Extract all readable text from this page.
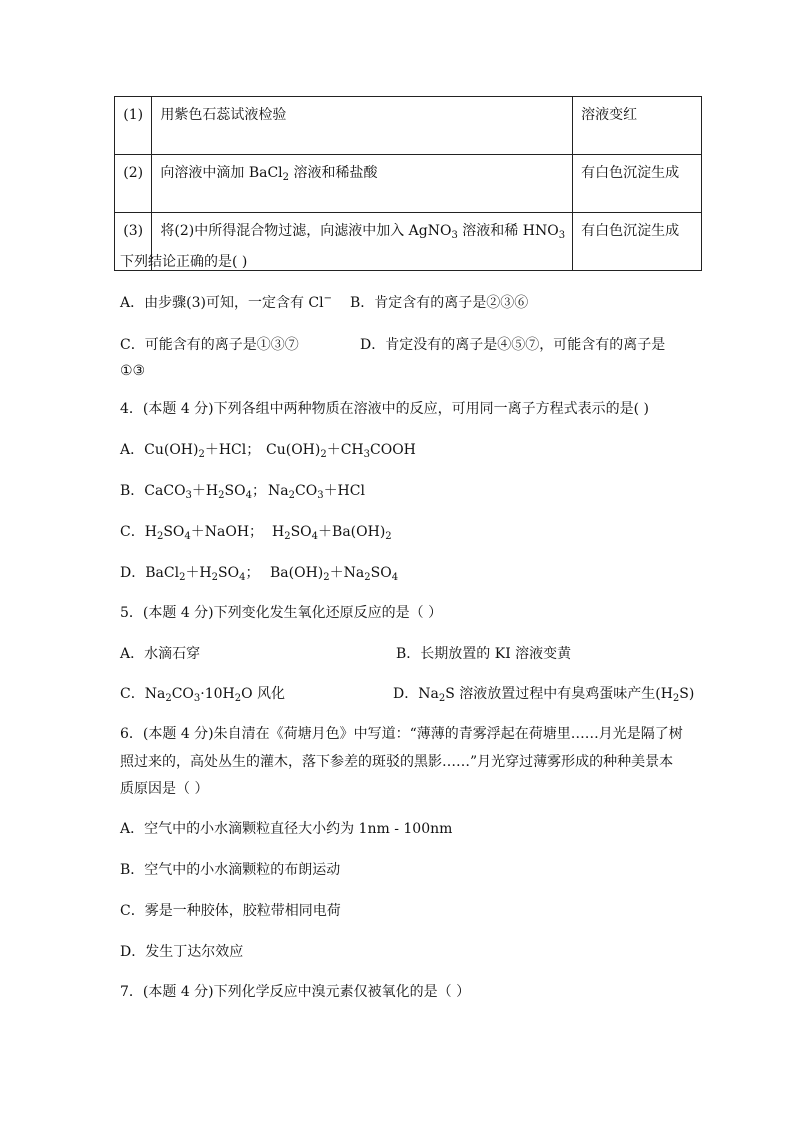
(1)	用紫色石蕊试液检验	溶液变红
(2)	向溶液中滴加 BaCl$_2$ 溶液和稀盐酸	有白色沉淀生成
(3)	将(2)中所得混合物过滤，向滤液中加入 AgNO$_3$ 溶液和稀 $HNO_3$	有白色沉淀生成
下列结论正确的是( )
A．由步骤(3)可知，一定含有 Cl− B．肯定含有的离子是②③⑥
C．可能含有的离子是①③⑦	D．肯定没有的离子是④⑤⑦，可能含有的离子是
①③
4．(本题 4 分)下列各组中两种物质在溶液中的反应，可用同一离子方程式表示的是( )
A．$Cu(OH)_2+HCl$； $Cu(OH)_2+CH_3COOH$
B．$CaCO_3+H_2SO_4$； $Na_2CO_3+HCl$
C．$H_2SO_4+NaOH$； $H_2SO_4+Ba(OH)_2$
D．$BaCl_2+H_2SO_4$； $Ba(OH)_2+Na_2SO_4$
5．(本题 4 分)下列变化发生氧化还原反应的是（ ）
A．水滴石穿	B．长期放置的 KI 溶液变黄
C．$Na_2CO_3\cdot 10H_2O$ 风化	D．$Na_2S$ 溶液放置过程中有臭鸡蛋味产生$(H_2S)$
6．(本题 4 分)朱自清在《荷塘月色》中写道：“薄薄的青雾浮起在荷塘里……月光是隔了树
照过来的，高处丛生的灌木，落下参差的斑驳的黑影……”月光穿过薄雾形成的种种美景本
质原因是（ ）
A．空气中的小水滴颗粒直径大小约为 1nm - 100nm
B．空气中的小水滴颗粒的布朗运动
C．雾是一种胶体，胶粒带相同电荷
D．发生丁达尔效应
7．(本题 4 分)下列化学反应中溴元素仅被氧化的是（ ）
